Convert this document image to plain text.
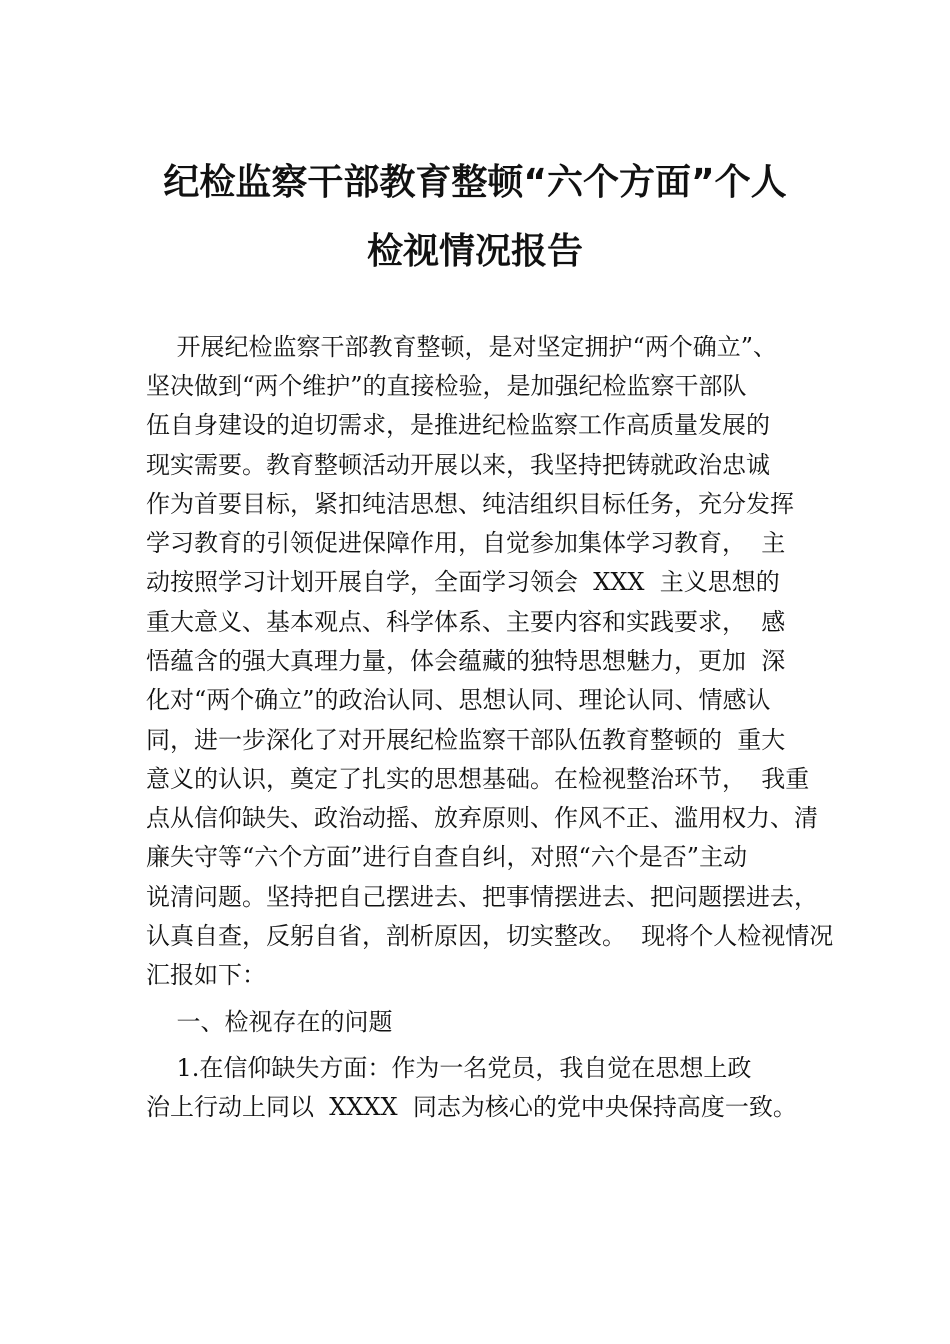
纪检监察干部教育整顿“六个方面”个人
检视情况报告
开展纪检监察干部教育整顿，是对坚定拥护“两个确立”、
坚决做到“两个维护”的直接检验，是加强纪检监察干部队
伍自身建设的迫切需求，是推进纪检监察工作高质量发展的
现实需要。教育整顿活动开展以来，我坚持把铸就政治忠诚
作为首要目标，紧扣纯洁思想、纯洁组织目标任务，充分发挥
学习教育的引领促进保障作用，自觉参加集体学习教育，  主
动按照学习计划开展自学，全面学习领会  XXX  主义思想的
重大意义、基本观点、科学体系、主要内容和实践要求，  感
悟蕴含的强大真理力量，体会蕴藏的独特思想魅力，更加  深
化对“两个确立”的政治认同、思想认同、理论认同、情感认
同，进一步深化了对开展纪检监察干部队伍教育整顿的  重大
意义的认识，奠定了扎实的思想基础。在检视整治环节，  我重
点从信仰缺失、政治动摇、放弃原则、作风不正、滥用权力、清
廉失守等“六个方面”进行自查自纠，对照“六个是否”主动
说清问题。坚持把自己摆进去、把事情摆进去、把问题摆进去，
认真自查，反躬自省，剖析原因，切实整改。  现将个人检视情况
汇报如下：
一、检视存在的问题
1.在信仰缺失方面：作为一名党员，我自觉在思想上政
治上行动上同以  XXXX  同志为核心的党中央保持高度一致。
